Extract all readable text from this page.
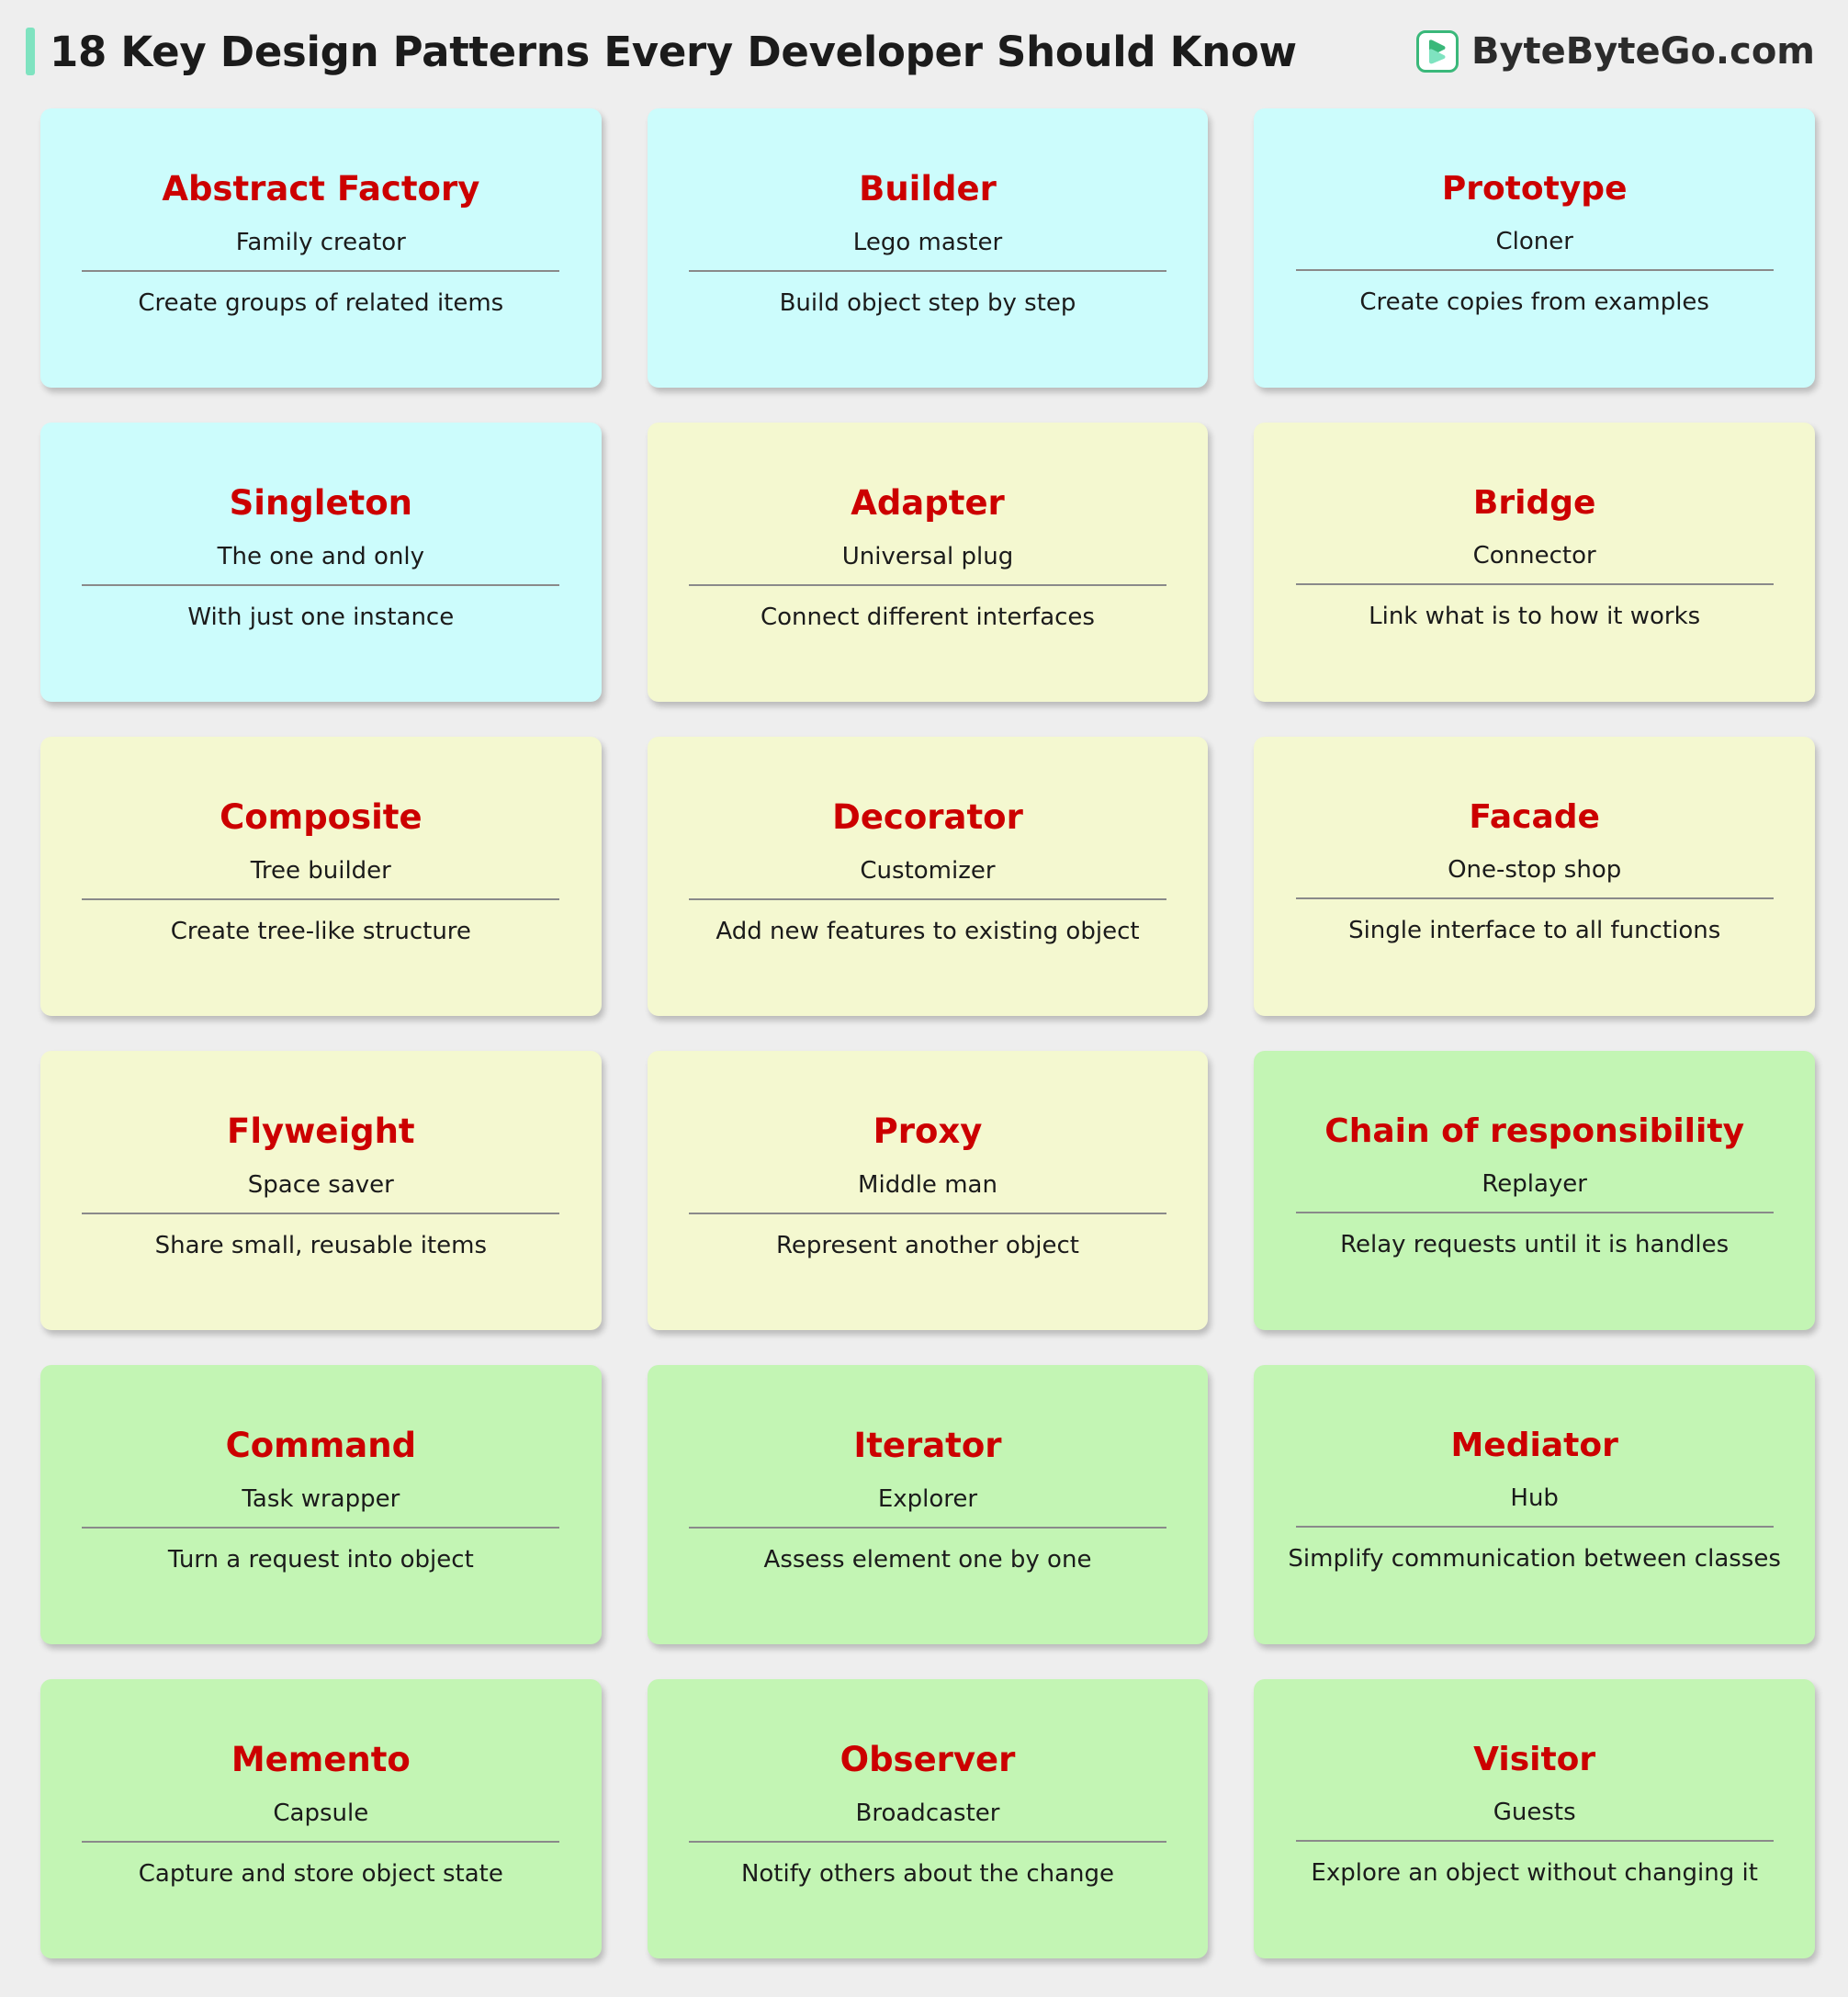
18 Key Design Patterns Every Developer Should Know	ByteByteGo.com
Abstract Factory
Family creator
Create groups of related items
Builder
Lego master
Build object step by step
Prototype
Cloner
Create copies from examples
Singleton
The one and only
With just one instance
Adapter
Universal plug
Connect different interfaces
Bridge
Connector
Link what is to how it works
Composite
Tree builder
Create tree-like structure
Decorator
Customizer
Add new features to existing object
Facade
One-stop shop
Single interface to all functions
Flyweight
Space saver
Share small, reusable items
Proxy
Middle man
Represent another object
Chain of responsibility
Replayer
Relay requests until it is handles
Command
Task wrapper
Turn a request into object
Iterator
Explorer
Assess element one by one
Mediator
Hub
Simplify communication between classes
Memento
Capsule
Capture and store object state
Observer
Broadcaster
Notify others about the change
Visitor
Guests
Explore an object without changing it
